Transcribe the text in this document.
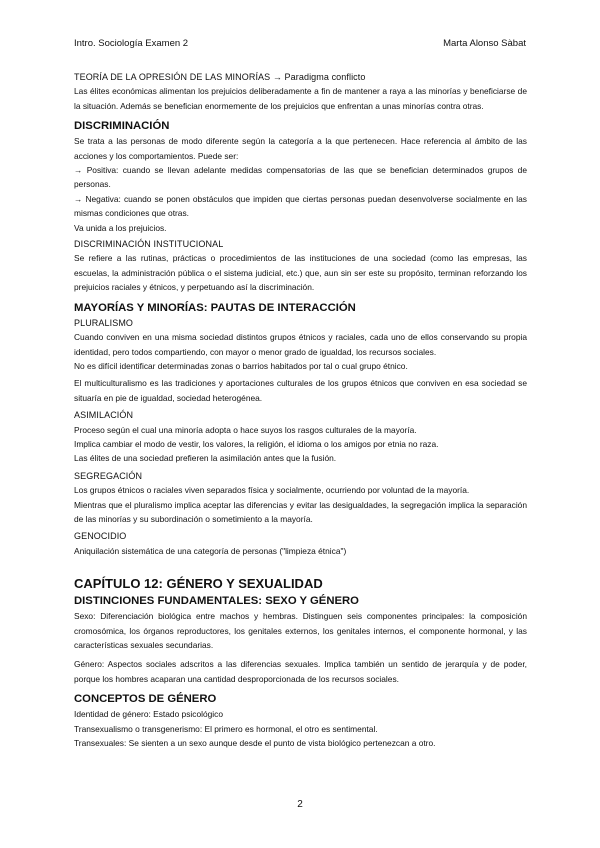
Intro. Sociología Examen 2	Marta Alonso Sàbat
TEORÍA DE LA OPRESIÓN DE LAS MINORÍAS → Paradigma conflicto

Las élites económicas alimentan los prejuicios deliberadamente a fin de mantener a raya a las minorías y beneficiarse de la situación. Además se benefician enormemente de los prejuicios que enfrentan a unas minorías contra otras.

DISCRIMINACIÓN

Se trata a las personas de modo diferente según la categoría a la que pertenecen. Hace referencia al ámbito de las acciones y los comportamientos. Puede ser:

→ Positiva: cuando se llevan adelante medidas compensatorias de las que se benefician determinados grupos de personas.

→ Negativa: cuando se ponen obstáculos que impiden que ciertas personas puedan desenvolverse socialmente en las mismas condiciones que otras.

Va unida a los prejuicios.

DISCRIMINACIÓN INSTITUCIONAL

Se refiere a las rutinas, prácticas o procedimientos de las instituciones de una sociedad (como las empresas, las escuelas, la administración pública o el sistema judicial, etc.) que, aun sin ser este su propósito, terminan reforzando los prejuicios raciales y étnicos, y perpetuando así la discriminación.

MAYORÍAS Y MINORÍAS: PAUTAS DE INTERACCIÓN
PLURALISMO

Cuando conviven en una misma sociedad distintos grupos étnicos y raciales, cada uno de ellos conservando su propia identidad, pero todos compartiendo, con mayor o menor grado de igualdad, los recursos sociales.

No es difícil identificar determinadas zonas o barrios habitados por tal o cual grupo étnico.

El multiculturalismo es las tradiciones y aportaciones culturales de los grupos étnicos que conviven en esa sociedad se situaría en pie de igualdad, sociedad heterogénea.

ASIMILACIÓN

Proceso según el cual una minoría adopta o hace suyos los rasgos culturales de la mayoría.

Implica cambiar el modo de vestir, los valores, la religión, el idioma o los amigos por etnia no raza.

Las élites de una sociedad prefieren la asimilación antes que la fusión.

SEGREGACIÓN

Los grupos étnicos o raciales viven separados física y socialmente, ocurriendo por voluntad de la mayoría.

Mientras que el pluralismo implica aceptar las diferencias y evitar las desigualdades, la segregación implica la separación de las minorías y su subordinación o sometimiento a la mayoría.

GENOCIDIO

Aniquilación sistemática de una categoría de personas ("limpieza étnica")

CAPÍTULO 12: GÉNERO Y SEXUALIDAD
DISTINCIONES FUNDAMENTALES: SEXO Y GÉNERO

Sexo: Diferenciación biológica entre machos y hembras. Distinguen seis componentes principales: la composición cromosómica, los órganos reproductores, los genitales externos, los genitales internos, el componente hormonal, y las características sexuales secundarias.

Género: Aspectos sociales adscritos a las diferencias sexuales. Implica también un sentido de jerarquía y de poder, porque los hombres acaparan una cantidad desproporcionada de los recursos sociales.

CONCEPTOS DE GÉNERO

Identidad de género: Estado psicológico

Transexualismo o transgenerismo: El primero es hormonal, el otro es sentimental.

Transexuales: Se sienten a un sexo aunque desde el punto de vista biológico pertenezcan a otro.

2
